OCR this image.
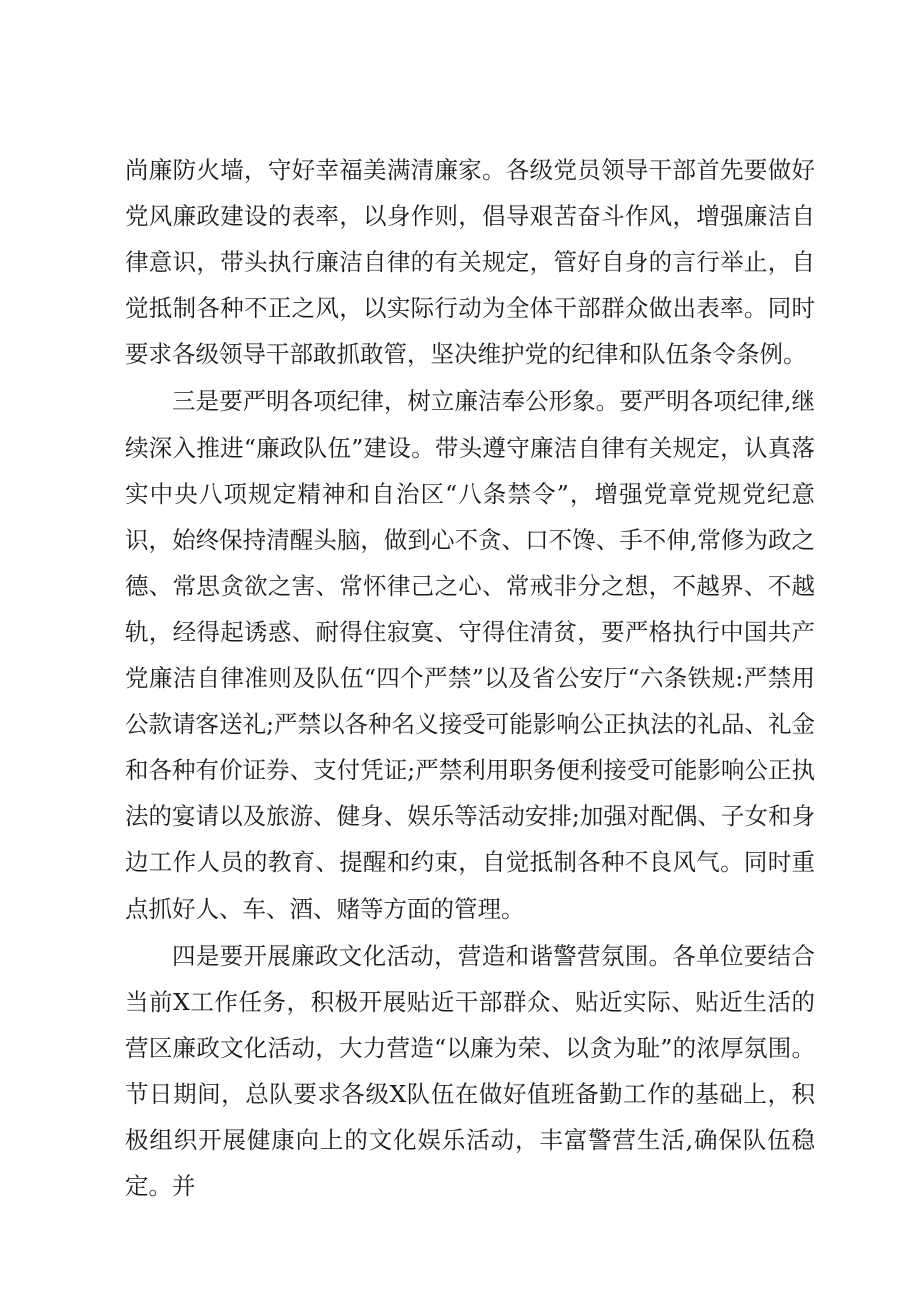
尚廉防火墙，守好幸福美满清廉家。各级党员领导干部首先要做好党风廉政建设的表率，以身作则，倡导艰苦奋斗作风，增强廉洁自律意识，带头执行廉洁自律的有关规定，管好自身的言行举止，自觉抵制各种不正之风，以实际行动为全体干部群众做出表率。同时要求各级领导干部敢抓敢管，坚决维护党的纪律和队伍条令条例。

三是要严明各项纪律，树立廉洁奉公形象。要严明各项纪律,继续深入推进“廉政队伍”建设。带头遵守廉洁自律有关规定，认真落实中央八项规定精神和自治区“八条禁令”，增强党章党规党纪意识，始终保持清醒头脑，做到心不贪、口不馋、手不伸,常修为政之德、常思贪欲之害、常怀律己之心、常戒非分之想，不越界、不越轨，经得起诱惑、耐得住寂寞、守得住清贫，要严格执行中国共产党廉洁自律准则及队伍“四个严禁”以及省公安厅“六条铁规:严禁用公款请客送礼;严禁以各种名义接受可能影响公正执法的礼品、礼金和各种有价证券、支付凭证;严禁利用职务便利接受可能影响公正执法的宴请以及旅游、健身、娱乐等活动安排;加强对配偶、子女和身边工作人员的教育、提醒和约束，自觉抵制各种不良风气。同时重点抓好人、车、酒、赌等方面的管理。

四是要开展廉政文化活动，营造和谐警营氛围。各单位要结合当前X工作任务，积极开展贴近干部群众、贴近实际、贴近生活的营区廉政文化活动，大力营造“以廉为荣、以贪为耻”的浓厚氛围。节日期间，总队要求各级X队伍在做好值班备勤工作的基础上，积极组织开展健康向上的文化娱乐活动，丰富警营生活,确保队伍稳定。并
